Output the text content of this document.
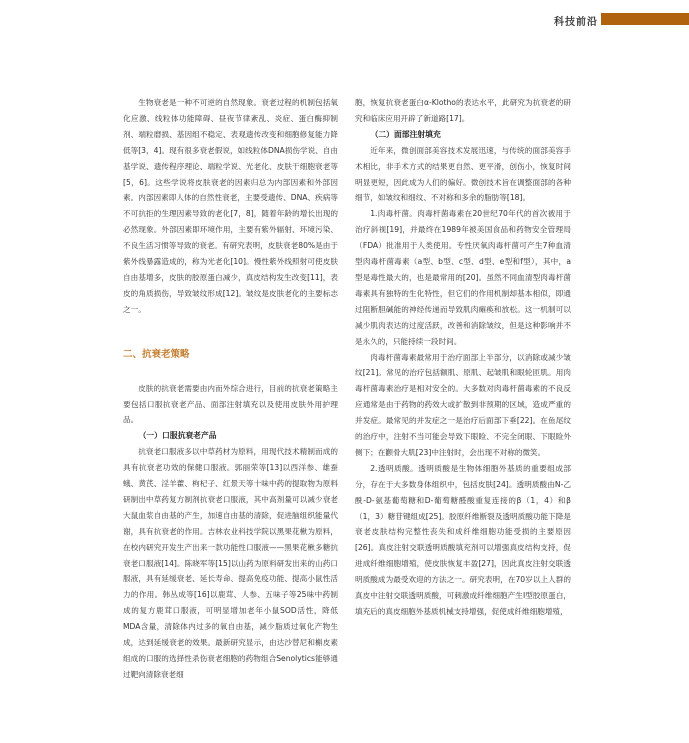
科技前沿

生物衰老是一种不可逆的自然现象。衰老过程的机制包括氧化应激、线粒体功能障碍、昼夜节律紊乱、炎症、蛋白酶抑制剂、端粒磨损、基因组不稳定、表观遗传改变和细胞修复能力降低等[3，4]。现有很多衰老假说，如线粒体DNA损伤学说、自由基学说、遗传程序理论、端粒学说、光老化、皮肤干细胞衰老等[5，6]。这些学说将皮肤衰老的因素归总为内部因素和外部因素。内部因素即人体的自然性衰老，主要受遗传、DNA、疾病等不可抗拒的生理因素导致的老化[7，8]，随着年龄的增长出现的必然现象。外部因素即环境作用，主要有紫外辐射、环境污染、不良生活习惯等导致的衰老。有研究表明，皮肤衰老80%是由于紫外线暴露造成的，称为光老化[10]。慢性紫外线照射可使皮肤自由基增多，皮肤的胶原蛋白减少，真皮结构发生改变[11]，表皮的角质损伤，导致皱纹形成[12]。皱纹是皮肤老化的主要标志之一。

二、抗衰老策略

皮肤的抗衰老需要由内而外综合进行，目前的抗衰老策略主要包括口服抗衰老产品、面部注射填充以及使用皮肤外用护理品。

（一）口服抗衰老产品

抗衰老口服液多以中草药材为原料，用现代技术精制而成的具有抗衰老功效的保健口服液。郭丽荣等[13]以西洋参、雄蚕蛾、黄芪、淫羊藿、枸杞子、红景天等十味中药的提取物为原料研制出中草药复方制剂抗衰老口服液，其中高剂量可以减少衰老大鼠血浆自由基的产生，加速自由基的清除，促进脑组织能量代谢，具有抗衰老的作用。吉林农业科技学院以黑果花楸为原料，在校内研究开发生产出来一款功能性口服液——黑果花楸多糖抗衰老口服液[14]。陈晓军等[15]以山药为原料研发出来的山药口服液，具有延缓衰老、延长寿命、提高免疫功能、提高小鼠性活力的作用。韩丛成等[16]以鹿茸、人参、五味子等25味中药制成的复方鹿茸口服液，可明显增加老年小鼠SOD活性，降低MDA含量，清除体内过多的氧自由基，减少脂质过氧化产物生成，达到延缓衰老的效果。最新研究显示，由达沙替尼和槲皮素组成的口服的选择性杀伤衰老细胞的药物组合Senolytics能够通过靶向清除衰老细

胞，恢复抗衰老蛋白α-Klotho的表达水平，此研究为抗衰老的研究和临床应用开辟了新道路[17]。

（二）面部注射填充

近年来，微创面部美容技术发展迅速，与传统的面部美容手术相比，非手术方式的结果更自然、更平滑，创伤小，恢复时间明显更短，因此成为人们的偏好。微创技术旨在调整面部的各种细节，如皱纹和细纹、不对称和多余的脂肪等[18]。

1.肉毒杆菌。肉毒杆菌毒素在20世纪70年代的首次被用于治疗斜视[19]，并最终在1989年被美国食品和药物安全管理局（FDA）批准用于人类使用。专性厌氧肉毒杆菌可产生7种血清型肉毒杆菌毒素（a型、b型、c型、d型、e型和f型），其中，a型是毒性最大的，也是最常用的[20]。虽然不同血清型肉毒杆菌毒素具有独特的生化特性，但它们的作用机制却基本相似，即通过阻断胆碱能的神经传递而导致肌肉瘫痪和放松。这一机制可以减少肌肉表达的过度活跃，改善和消除皱纹，但是这种影响并不是永久的，只能持续一段时间。

肉毒杆菌毒素最常用于治疗面部上半部分，以消除或减少皱纹[21]。常见的治疗包括额肌、原肌、起皱肌和眼轮匝肌。用肉毒杆菌毒素治疗是相对安全的。大多数对肉毒杆菌毒素的不良反应通常是由于药物的药效大或扩散到非预期的区域，造成严重的并发症。最常见的并发症之一是治疗后面部下垂[22]。在鱼尾纹的治疗中，注射不当可能会导致下眼睑、不完全闭眼、下眼睑外侧下；在颧骨大肌[23]中注射时，会出现不对称的微笑。

2.透明质酸。透明质酸是生物体细胞外基质的重要组成部分，存在于大多数身体组织中，包括皮肤[24]。透明质酸由N-乙酰-D-氨基葡萄糖和D-葡萄糖醛酸重复连接的β（1，4）和β（1，3）糖苷键组成[25]。胶原纤维断裂及透明质酸功能下降是衰老皮肤结构完整性丧失和成纤维细胞功能受损的主要原因[26]。真皮注射交联透明质酸填充剂可以增强真皮结构支持，促进成纤维细胞增殖，使皮肤恢复丰盈[27]，因此真皮注射交联透明质酸成为最受欢迎的方法之一。研究表明，在70岁以上人群的真皮中注射交联透明质酸，可刺激成纤维细胞产生I型胶原蛋白，填充后的真皮细胞外基质机械支持增强，促使成纤维细胞增殖，
